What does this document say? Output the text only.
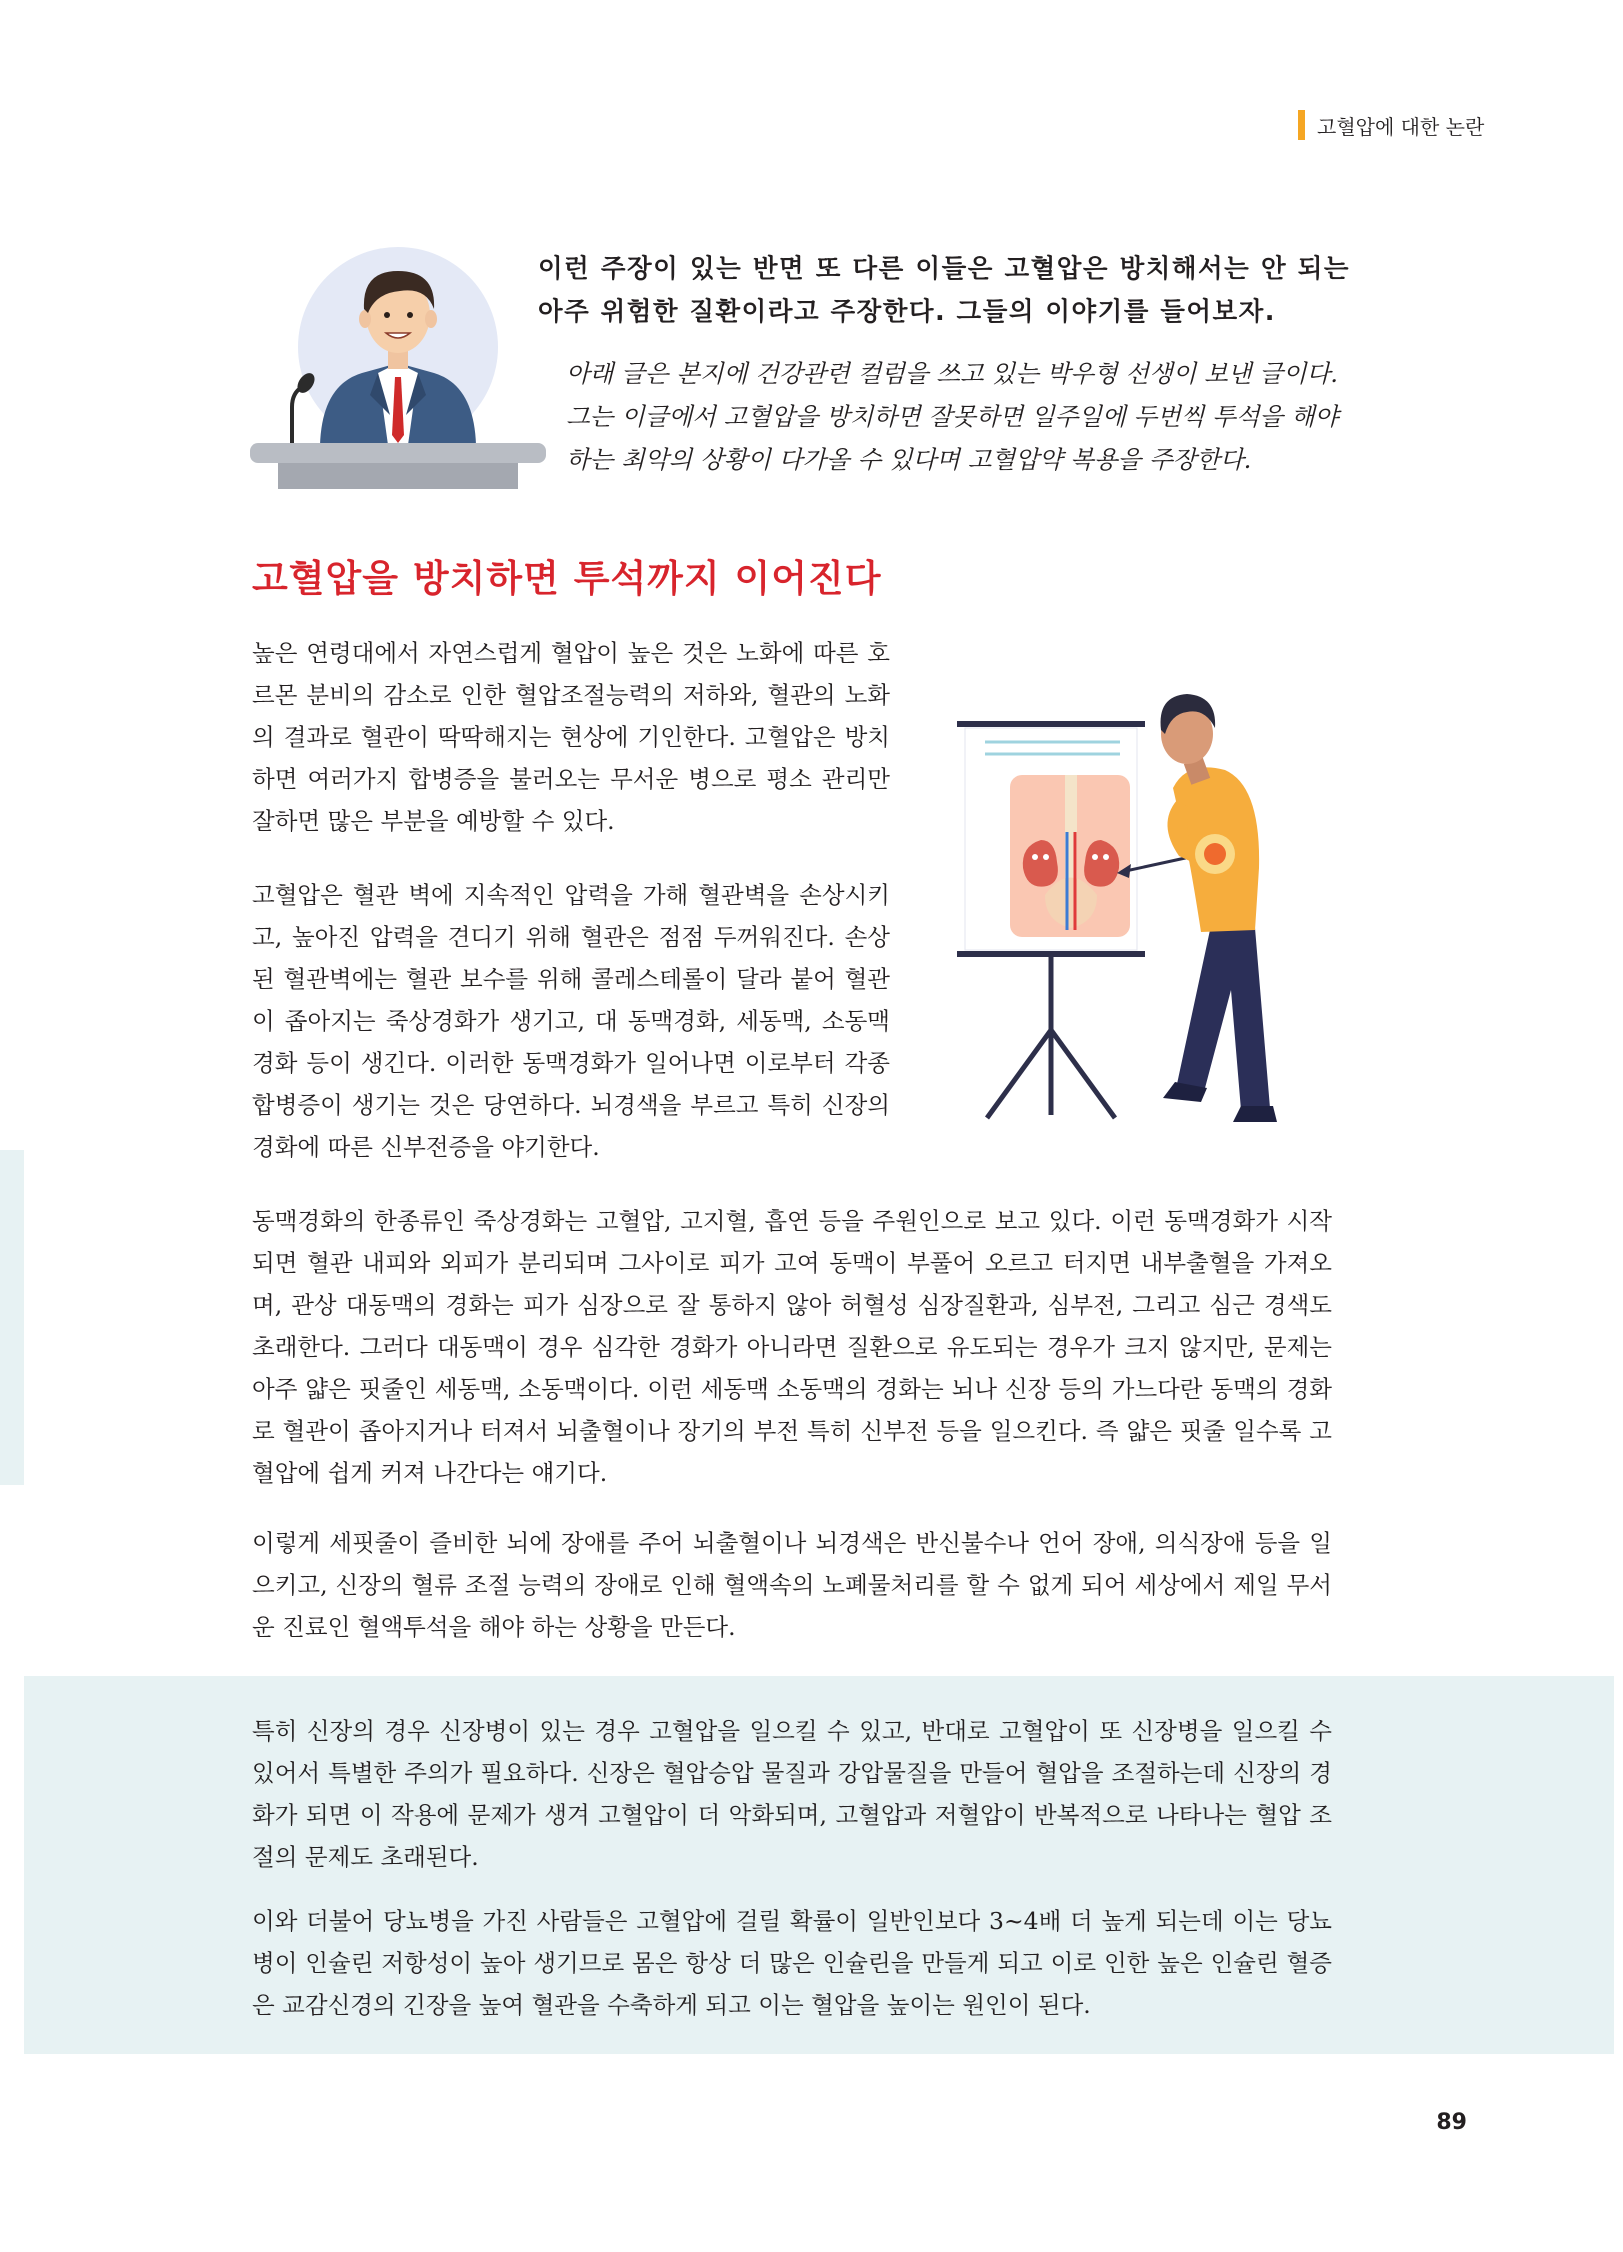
고혈압에 대한 논란

이런 주장이 있는 반면 또 다른 이들은 고혈압은 방치해서는 안 되는 아주 위험한 질환이라고 주장한다. 그들의 이야기를 들어보자.

아래 글은 본지에 건강관련 컬럼을 쓰고 있는 박우형 선생이 보낸 글이다. 그는 이글에서 고혈압을 방치하면 잘못하면 일주일에 두번씩 투석을 해야 하는 최악의 상황이 다가올 수 있다며 고혈압약 복용을 주장한다.

고혈압을 방치하면 투석까지 이어진다

높은 연령대에서 자연스럽게 혈압이 높은 것은 노화에 따른 호르몬 분비의 감소로 인한 혈압조절능력의 저하와, 혈관의 노화의 결과로 혈관이 딱딱해지는 현상에 기인한다. 고혈압은 방치하면 여러가지 합병증을 불러오는 무서운 병으로 평소 관리만 잘하면 많은 부분을 예방할 수 있다.

고혈압은 혈관 벽에 지속적인 압력을 가해 혈관벽을 손상시키고, 높아진 압력을 견디기 위해 혈관은 점점 두꺼워진다. 손상된 혈관벽에는 혈관 보수를 위해 콜레스테롤이 달라 붙어 혈관이 좁아지는 죽상경화가 생기고, 대 동맥경화, 세동맥, 소동맥 경화 등이 생긴다. 이러한 동맥경화가 일어나면 이로부터 각종 합병증이 생기는 것은 당연하다. 뇌경색을 부르고 특히 신장의 경화에 따른 신부전증을 야기한다.

동맥경화의 한종류인 죽상경화는 고혈압, 고지혈, 흡연 등을 주원인으로 보고 있다. 이런 동맥경화가 시작되면 혈관 내피와 외피가 분리되며 그사이로 피가 고여 동맥이 부풀어 오르고 터지면 내부출혈을 가져오며, 관상 대동맥의 경화는 피가 심장으로 잘 통하지 않아 허혈성 심장질환과, 심부전, 그리고 심근 경색도 초래한다. 그러다 대동맥이 경우 심각한 경화가 아니라면 질환으로 유도되는 경우가 크지 않지만, 문제는 아주 얇은 핏줄인 세동맥, 소동맥이다. 이런 세동맥 소동맥의 경화는 뇌나 신장 등의 가느다란 동맥의 경화로 혈관이 좁아지거나 터져서 뇌출혈이나 장기의 부전 특히 신부전 등을 일으킨다. 즉 얇은 핏줄 일수록 고혈압에 쉽게 커져 나간다는 얘기다.

이렇게 세핏줄이 즐비한 뇌에 장애를 주어 뇌출혈이나 뇌경색은 반신불수나 언어 장애, 의식장애 등을 일으키고, 신장의 혈류 조절 능력의 장애로 인해 혈액속의 노폐물처리를 할 수 없게 되어 세상에서 제일 무서운 진료인 혈액투석을 해야 하는 상황을 만든다.

특히 신장의 경우 신장병이 있는 경우 고혈압을 일으킬 수 있고, 반대로 고혈압이 또 신장병을 일으킬 수 있어서 특별한 주의가 필요하다. 신장은 혈압승압 물질과 강압물질을 만들어 혈압을 조절하는데 신장의 경화가 되면 이 작용에 문제가 생겨 고혈압이 더 악화되며, 고혈압과 저혈압이 반복적으로 나타나는 혈압 조절의 문제도 초래된다.

이와 더불어 당뇨병을 가진 사람들은 고혈압에 걸릴 확률이 일반인보다 3~4배 더 높게 되는데 이는 당뇨병이 인슐린 저항성이 높아 생기므로 몸은 항상 더 많은 인슐린을 만들게 되고 이로 인한 높은 인슐린 혈증은 교감신경의 긴장을 높여 혈관을 수축하게 되고 이는 혈압을 높이는 원인이 된다.

89
